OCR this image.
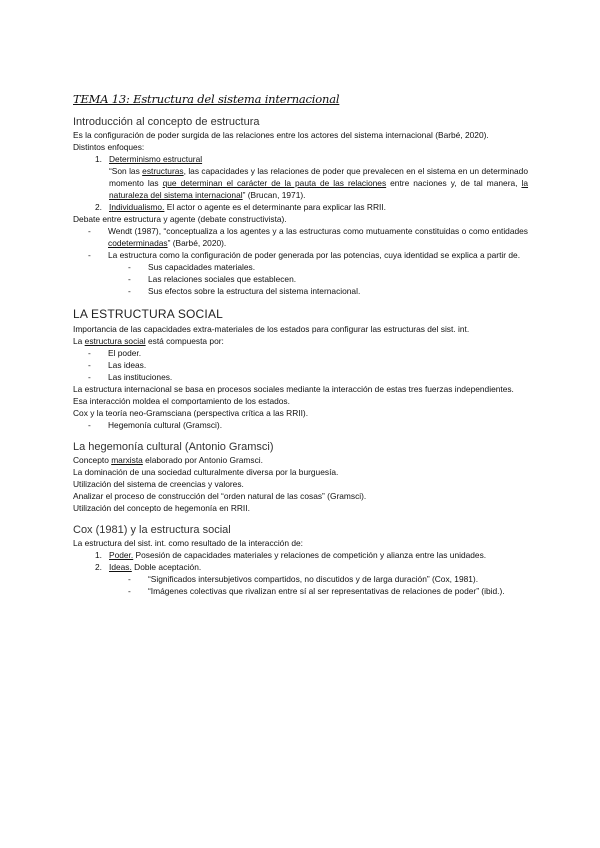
TEMA 13: Estructura del sistema internacional
Introducción al concepto de estructura

Es la configuración de poder surgida de las relaciones entre los actores del sistema internacional (Barbé, 2020).

Distintos enfoques:

1. Determinismo estructural
“Son las estructuras, las capacidades y las relaciones de poder que prevalecen en el sistema en un determinado momento las que determinan el carácter de la pauta de las relaciones entre naciones y, de tal manera, la naturaleza del sistema internacional” (Brucan, 1971).
2. Individualismo. El actor o agente es el determinante para explicar las RRII.

Debate entre estructura y agente (debate constructivista).

- Wendt (1987), “conceptualiza a los agentes y a las estructuras como mutuamente constituidas o como entidades codeterminadas” (Barbé, 2020).
- La estructura como la configuración de poder generada por las potencias, cuya identidad se explica a partir de.
- Sus capacidades materiales.
- Las relaciones sociales que establecen.
- Sus efectos sobre la estructura del sistema internacional.
LA ESTRUCTURA SOCIAL

Importancia de las capacidades extra-materiales de los estados para configurar las estructuras del sist. int.

La estructura social está compuesta por:

- El poder.
- Las ideas.
- Las instituciones.

La estructura internacional se basa en procesos sociales mediante la interacción de estas tres fuerzas independientes.

Esa interacción moldea el comportamiento de los estados.

Cox y la teoría neo-Gramsciana (perspectiva crítica a las RRII).

- Hegemonía cultural (Gramsci).
La hegemonía cultural (Antonio Gramsci)

Concepto marxista elaborado por Antonio Gramsci.

La dominación de una sociedad culturalmente diversa por la burguesía.

Utilización del sistema de creencias y valores.

Analizar el proceso de construcción del “orden natural de las cosas” (Gramsci).

Utilización del concepto de hegemonía en RRII.

Cox (1981) y la estructura social

La estructura del sist. int. como resultado de la interacción de:

1. Poder. Posesión de capacidades materiales y relaciones de competición y alianza entre las unidades.
2. Ideas. Doble aceptación.
- “Significados intersubjetivos compartidos, no discutidos y de larga duración” (Cox, 1981).
- “Imágenes colectivas que rivalizan entre sí al ser representativas de relaciones de poder” (ibid.).
